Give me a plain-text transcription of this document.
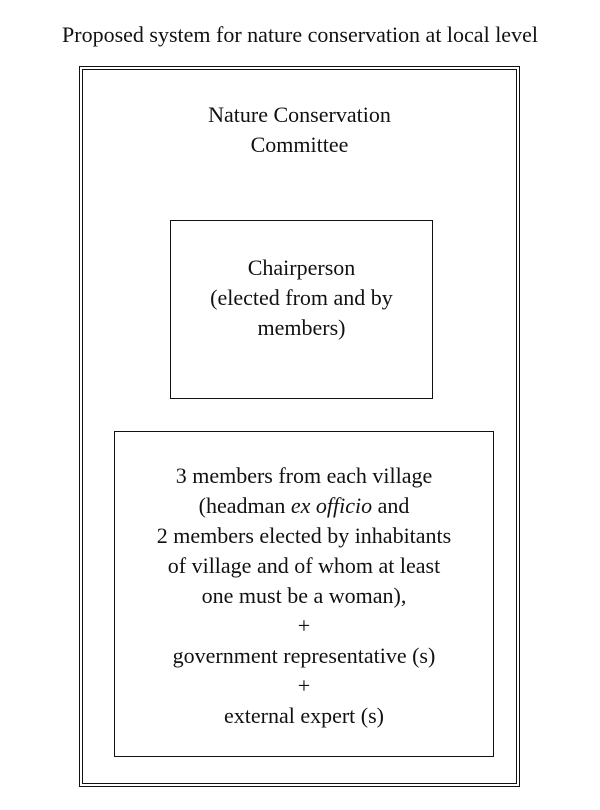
Proposed system for nature conservation at local level
Nature Conservation
Committee
Chairperson
(elected from and by
members)
3 members from each village
(headman ex officio and
2 members elected by inhabitants
of village and of whom at least
one must be a woman),
+
government representative (s)
+
external expert (s)
